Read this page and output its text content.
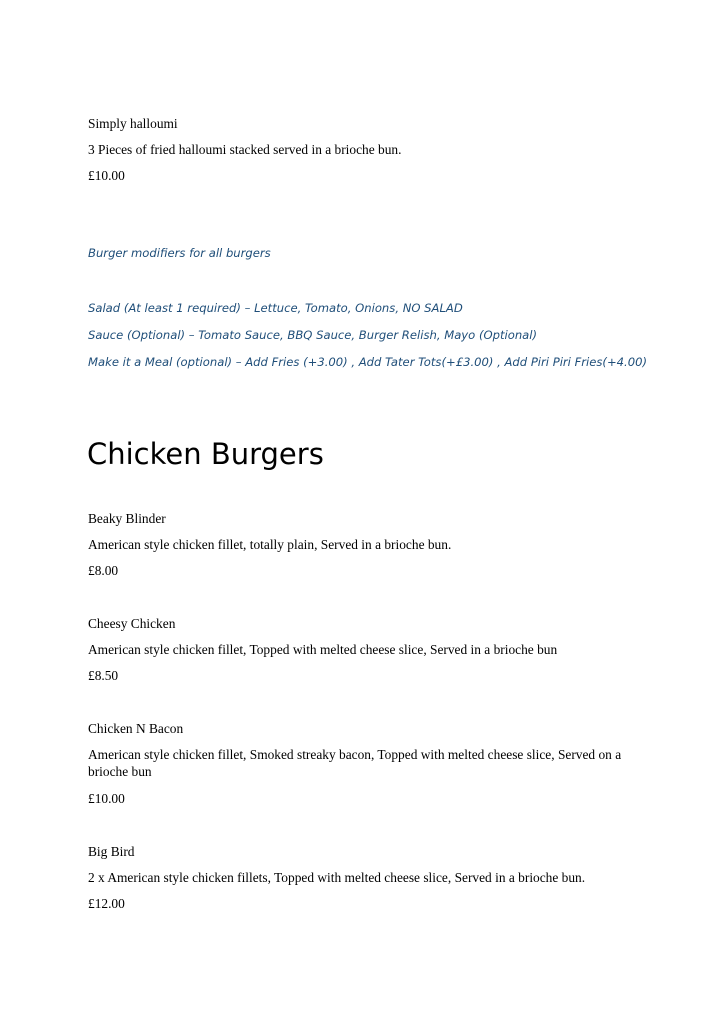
Simply halloumi

3 Pieces of fried halloumi stacked served in a brioche bun.

£10.00

Burger modifiers for all burgers

Salad (At least 1 required) – Lettuce, Tomato, Onions, NO SALAD

Sauce (Optional) – Tomato Sauce, BBQ Sauce, Burger Relish, Mayo (Optional)

Make it a Meal (optional) – Add Fries (+3.00) , Add Tater Tots(+£3.00) , Add Piri Piri Fries(+4.00)

Chicken Burgers

Beaky Blinder

American style chicken fillet, totally plain, Served in a brioche bun.

£8.00

Cheesy Chicken

American style chicken fillet, Topped with melted cheese slice, Served in a brioche bun

£8.50

Chicken N Bacon

American style chicken fillet, Smoked streaky bacon, Topped with melted cheese slice, Served on a brioche bun

£10.00

Big Bird

2 x American style chicken fillets, Topped with melted cheese slice, Served in a brioche bun.

£12.00
